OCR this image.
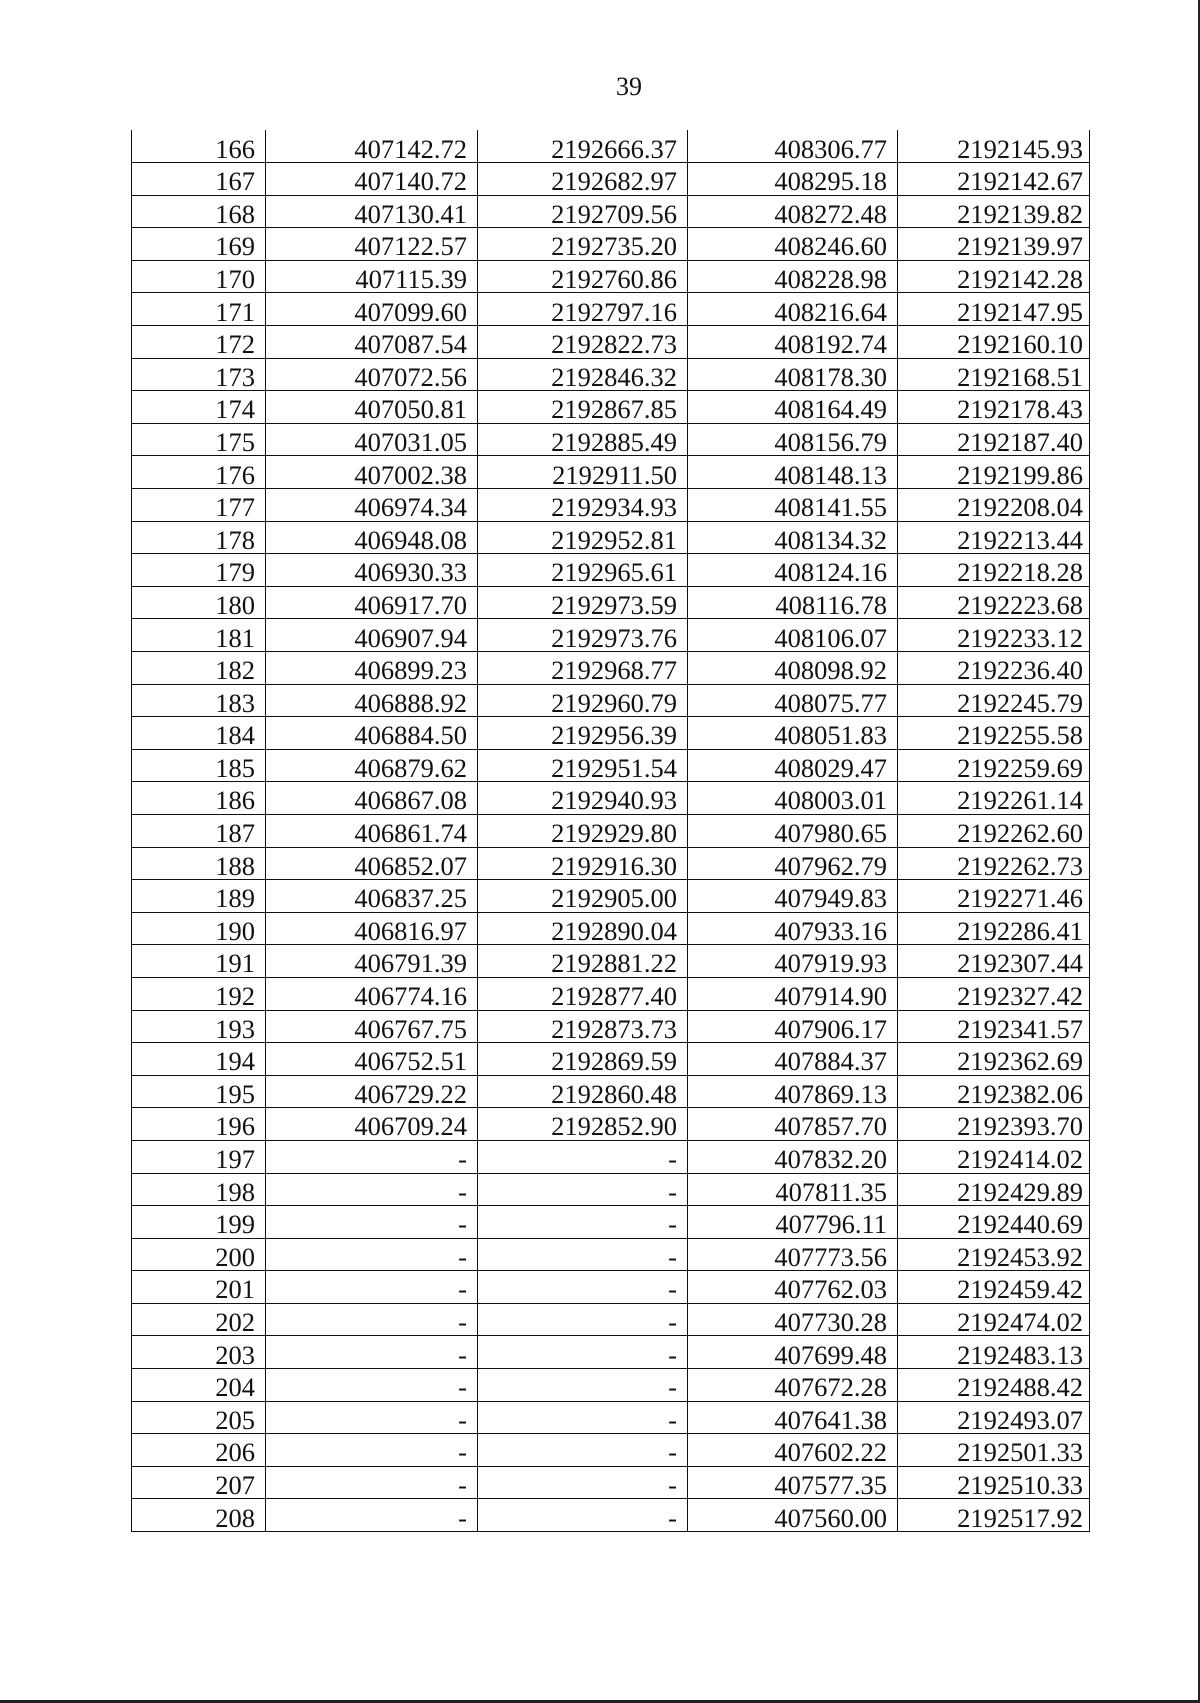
39
166	407142.72	2192666.37	408306.77	2192145.93
167	407140.72	2192682.97	408295.18	2192142.67
168	407130.41	2192709.56	408272.48	2192139.82
169	407122.57	2192735.20	408246.60	2192139.97
170	407115.39	2192760.86	408228.98	2192142.28
171	407099.60	2192797.16	408216.64	2192147.95
172	407087.54	2192822.73	408192.74	2192160.10
173	407072.56	2192846.32	408178.30	2192168.51
174	407050.81	2192867.85	408164.49	2192178.43
175	407031.05	2192885.49	408156.79	2192187.40
176	407002.38	2192911.50	408148.13	2192199.86
177	406974.34	2192934.93	408141.55	2192208.04
178	406948.08	2192952.81	408134.32	2192213.44
179	406930.33	2192965.61	408124.16	2192218.28
180	406917.70	2192973.59	408116.78	2192223.68
181	406907.94	2192973.76	408106.07	2192233.12
182	406899.23	2192968.77	408098.92	2192236.40
183	406888.92	2192960.79	408075.77	2192245.79
184	406884.50	2192956.39	408051.83	2192255.58
185	406879.62	2192951.54	408029.47	2192259.69
186	406867.08	2192940.93	408003.01	2192261.14
187	406861.74	2192929.80	407980.65	2192262.60
188	406852.07	2192916.30	407962.79	2192262.73
189	406837.25	2192905.00	407949.83	2192271.46
190	406816.97	2192890.04	407933.16	2192286.41
191	406791.39	2192881.22	407919.93	2192307.44
192	406774.16	2192877.40	407914.90	2192327.42
193	406767.75	2192873.73	407906.17	2192341.57
194	406752.51	2192869.59	407884.37	2192362.69
195	406729.22	2192860.48	407869.13	2192382.06
196	406709.24	2192852.90	407857.70	2192393.70
197	-	-	407832.20	2192414.02
198	-	-	407811.35	2192429.89
199	-	-	407796.11	2192440.69
200	-	-	407773.56	2192453.92
201	-	-	407762.03	2192459.42
202	-	-	407730.28	2192474.02
203	-	-	407699.48	2192483.13
204	-	-	407672.28	2192488.42
205	-	-	407641.38	2192493.07
206	-	-	407602.22	2192501.33
207	-	-	407577.35	2192510.33
208	-	-	407560.00	2192517.92
